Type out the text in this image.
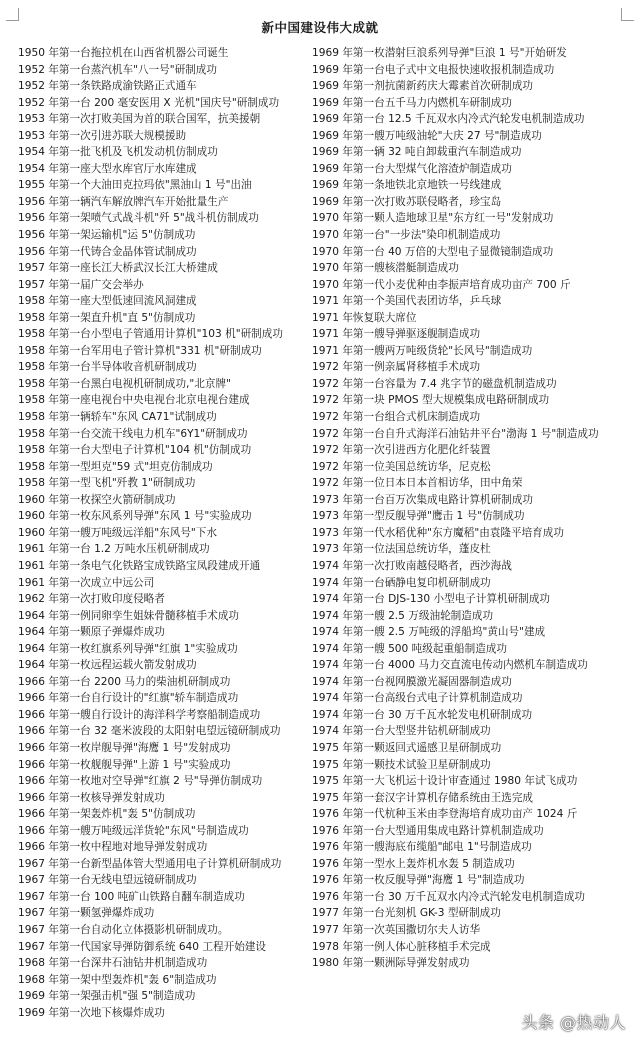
新中国建设伟大成就
1950 年第一台拖拉机在山西省机器公司诞生
1952 年第一台蒸汽机车"八一号"研制成功
1952 年第一条铁路成渝铁路正式通车
1952 年第一台 200 毫安医用 X 光机"国庆号"研制成功
1953 年第一次打败美国为首的联合国军，抗美援朝
1953 年第一次引进苏联大规模援助
1954 年第一批飞机及飞机发动机仿制成功
1954 年第一座大型水库官厅水库建成
1955 年第一个大油田克拉玛依"黑油山 1 号"出油
1956 年第一辆汽车解放牌汽车开始批量生产
1956 年第一架喷气式战斗机"歼 5"战斗机仿制成功
1956 年第一架运输机"运 5"仿制成功
1956 年第一代铸合金晶体管试制成功
1957 年第一座长江大桥武汉长江大桥建成
1957 年第一届广交会举办
1958 年第一座大型低速回流风洞建成
1958 年第一架直升机"直 5"仿制成功
1958 年第一台小型电子管通用计算机"103 机"研制成功
1958 年第一台军用电子管计算机"331 机"研制成功
1958 年第一台半导体收音机研制成功
1958 年第一台黑白电视机研制成功,"北京牌"
1958 年第一座电视台中央电视台北京电视台建成
1958 年第一辆轿车"东风 CA71"试制成功
1958 年第一台交流干线电力机车"6Y1"研制成功
1958 年第一台大型电子计算机"104 机"仿制成功
1958 年第一型坦克"59 式"坦克仿制成功
1958 年第一型飞机"歼教 1"研制成功
1960 年第一枚探空火箭研制成功
1960 年第一枚东风系列导弹"东风 1 号"实验成功
1960 年第一艘万吨级远洋船"东风号"下水
1961 年第一台 1.2 万吨水压机研制成功
1961 年第一条电气化铁路宝成铁路宝凤段建成开通
1961 年第一次成立中远公司
1962 年第一次打败印度侵略者
1964 年第一例同卵孪生姐妹骨髓移植手术成功
1964 年第一颗原子弹爆炸成功
1964 年第一枚红旗系列导弹"红旗 1"实验成功
1964 年第一枚远程运载火箭发射成功
1966 年第一台 2200 马力的柴油机研制成功
1966 年第一台自行设计的"红旗"轿车制造成功
1966 年第一艘自行设计的海洋科学考察船制造成功
1966 年第一台 32 毫米波段的太阳射电望远镜研制成功
1966 年第一枚岸舰导弹"海鹰 1 号"发射成功
1966 年第一枚舰舰导弹"上游 1 号"实验成功
1966 年第一枚地对空导弹"红旗 2 号"导弹仿制成功
1966 年第一枚核导弹发射成功
1966 年第一架轰炸机"轰 5"仿制成功
1966 年第一艘万吨级远洋货轮"东风"号制造成功
1966 年第一枚中程地对地导弹发射成功
1967 年第一台新型晶体管大型通用电子计算机研制成功
1967 年第一台无线电望远镜研制成功
1967 年第一台 100 吨矿山铁路自翻车制造成功
1967 年第一颗氢弹爆炸成功
1967 年第一台自动化立体摄影机研制成功。
1967 年第一代国家导弹防御系统 640 工程开始建设
1968 年第一台深井石油钻井机制造成功
1968 年第一架中型轰炸机"轰 6"制造成功
1969 年第一架强击机"强 5"制造成功
1969 年第一次地下核爆炸成功
1969 年第一枚潜射巨浪系列导弹"巨浪 1 号"开始研发
1969 年第一台电子式中文电报快速收报机制造成功
1969 年第一剂抗菌新药庆大霉素首次研制成功
1969 年第一台五千马力内燃机车研制成功
1969 年第一台 12.5 千瓦双水内冷式汽轮发电机制造成功
1969 年第一艘万吨级油轮"大庆 27 号"制造成功
1969 年第一辆 32 吨自卸载重汽车制造成功
1969 年第一台大型煤气化溶渣炉制造成功
1969 年第一条地铁北京地铁一号线建成
1969 年第一次打败苏联侵略者，珍宝岛
1970 年第一颗人造地球卫星"东方红一号"发射成功
1970 年第一台"一步法"染印机制造成功
1970 年第一台 40 万倍的大型电子显微镜制造成功
1970 年第一艘核潜艇制造成功
1970 年第一代小麦优种由李振声培育成功亩产 700 斤
1971 年第一个美国代表团访华，乒乓球
1971 年恢复联大席位
1971 年第一艘导弹驱逐舰制造成功
1971 年第一艘两万吨级货轮"长风号"制造成功
1972 年第一例亲属肾移植手术成功
1972 年第一台容量为 7.4 兆字节的磁盘机制造成功
1972 年第一块 PMOS 型大规模集成电路研制成功
1972 年第一台组合式机床制造成功
1972 年第一台自升式海洋石油钻井平台"渤海 1 号"制造成功
1972 年第一次引进西方化肥化纤装置
1972 年第一位美国总统访华，尼克松
1972 年第一位日本日本首相访华，田中角荣
1973 年第一台百万次集成电路计算机研制成功
1973 年第一型反舰导弹"鹰击 1 号"仿制成功
1973 年第一代水稻优种"东方魔稻"由袁隆平培育成功
1973 年第一位法国总统访华，蓬皮杜
1974 年第一次打败南越侵略者，西沙海战
1974 年第一台硒静电复印机研制成功
1974 年第一台 DJS-130 小型电子计算机研制成功
1974 年第一艘 2.5 万级油轮制造成功
1974 年第一艘 2.5 万吨级的浮船坞"黄山号"建成
1974 年第一艘 500 吨级起重船制造成功
1974 年第一台 4000 马力交直流电传动内燃机车制造成功
1974 年第一台视网膜激光凝固器制造成功
1974 年第一台高级台式电子计算机制造成功
1974 年第一台 30 万千瓦水轮发电机研制成功
1974 年第一台大型竖井钻机研制成功
1975 年第一颗返回式遥感卫星研制成功
1975 年第一颗技术试验卫星研制成功
1975 年第一大飞机运十设计审查通过 1980 年试飞成功
1975 年第一套汉字计算机存储系统由王选完成
1976 年第一代杭种玉米由李登海培育成功亩产 1024 斤
1976 年第一台大型通用集成电路计算机制造成功
1976 年第一艘海底布缆船"邮电 1"号制造成功
1976 年第一型水上轰炸机水轰 5 制造成功
1976 年第一枚反舰导弹"海鹰 1 号"制造成功
1976 年第一台 30 万千瓦双水内冷式汽轮发电机制造成功
1977 年第一台光刻机 GK-3 型研制成功
1977 年第一次英国撒切尔夫人访华
1978 年第一例人体心脏移植手术完成
1980 年第一颗洲际导弹发射成功
头条 @热动人
